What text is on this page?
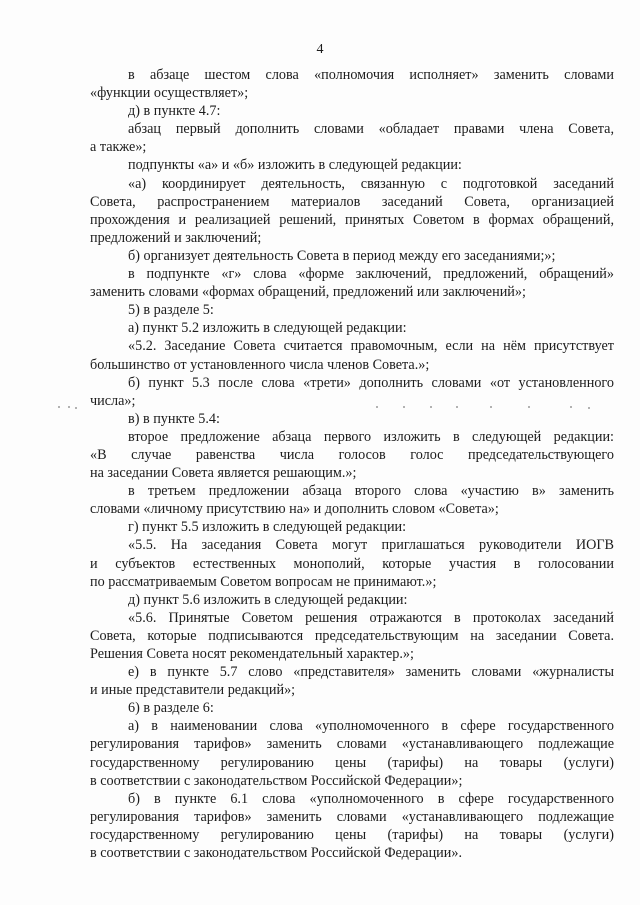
4
в абзаце шестом слова «полномочия исполняет» заменить словами
«функции осуществляет»;
д) в пункте 4.7:
абзац первый дополнить словами «обладает правами члена Совета,
а также»;
подпункты «а» и «б» изложить в следующей редакции:
«а) координирует деятельность, связанную с подготовкой заседаний
Совета, распространением материалов заседаний Совета, организацией
прохождения и реализацией решений, принятых Советом в формах обращений,
предложений и заключений;
б) организует деятельность Совета в период между его заседаниями;»;
в подпункте «г» слова «форме заключений, предложений, обращений»
заменить словами «формах обращений, предложений или заключений»;
5) в разделе 5:
а) пункт 5.2 изложить в следующей редакции:
«5.2. Заседание Совета считается правомочным, если на нём присутствует
большинство от установленного числа членов Совета.»;
б) пункт 5.3 после слова «трети» дополнить словами «от установленного
числа»;
в) в пункте 5.4:
второе предложение абзаца первого изложить в следующей редакции:
«В случае равенства числа голосов голос председательствующего
на заседании Совета является решающим.»;
в третьем предложении абзаца второго слова «участию в» заменить
словами «личному присутствию на» и дополнить словом «Совета»;
г) пункт 5.5 изложить в следующей редакции:
«5.5. На заседания Совета могут приглашаться руководители ИОГВ
и субъектов естественных монополий, которые участия в голосовании
по рассматриваемым Советом вопросам не принимают.»;
д) пункт 5.6 изложить в следующей редакции:
«5.6. Принятые Советом решения отражаются в протоколах заседаний
Совета, которые подписываются председательствующим на заседании Совета.
Решения Совета носят рекомендательный характер.»;
е) в пункте 5.7 слово «представителя» заменить словами «журналисты
и иные представители редакций»;
6) в разделе 6:
а) в наименовании слова «уполномоченного в сфере государственного
регулирования тарифов» заменить словами «устанавливающего подлежащие
государственному регулированию цены (тарифы) на товары (услуги)
в соответствии с законодательством Российской Федерации»;
б) в пункте 6.1 слова «уполномоченного в сфере государственного
регулирования тарифов» заменить словами «устанавливающего подлежащие
государственному регулированию цены (тарифы) на товары (услуги)
в соответствии с законодательством Российской Федерации».
